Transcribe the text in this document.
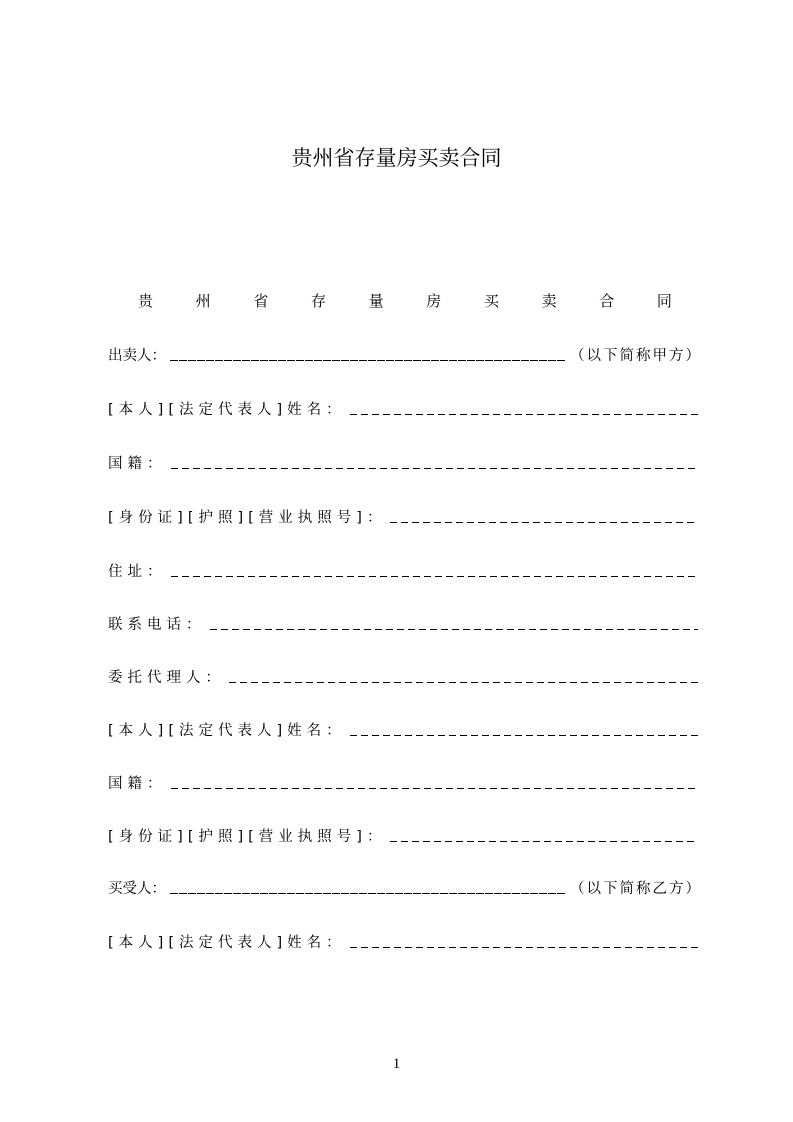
贵州省存量房买卖合同
贵	州	省	存	量	房	买	卖	合	同
出卖人：	（以下简称甲方）
[本人][法定代表人]姓名：
国籍：
[身份证][护照][营业执照号]：
住址：
联系电话：
委托代理人：
[本人][法定代表人]姓名：
国籍：
[身份证][护照][营业执照号]：
买受人：	（以下简称乙方）
[本人][法定代表人]姓名：
1
